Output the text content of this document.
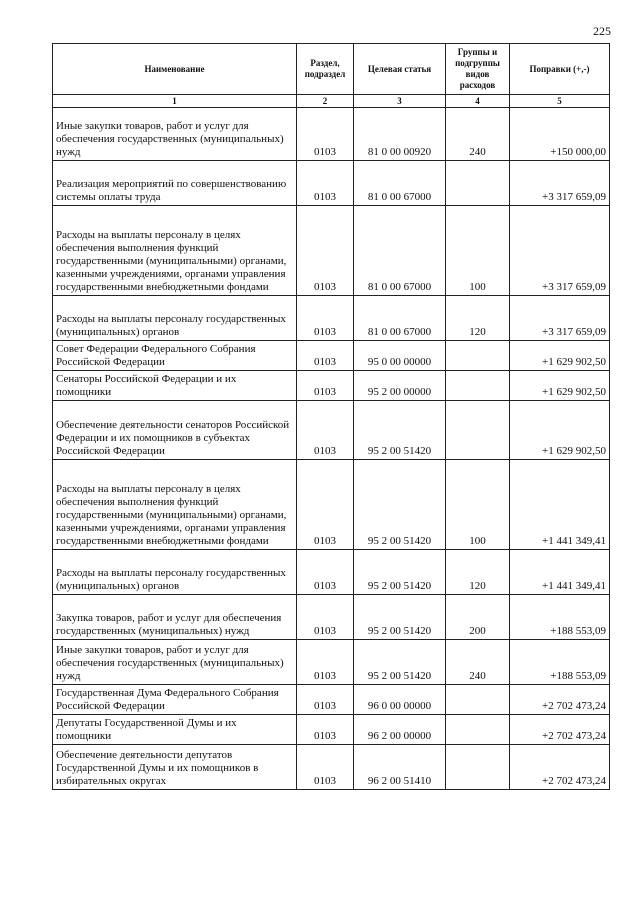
225
Наименование	Раздел, подраздел	Целевая статья	Группы и подгруппы видов расходов	Поправки (+,-)
1	2	3	4	5
Иные закупки товаров, работ и услуг для обеспечения государственных (муниципальных) нужд	0103	81 0 00 00920	240	+150 000,00
Реализация мероприятий по совершенствованию системы оплаты труда	0103	81 0 00 67000		+3 317 659,09
Расходы на выплаты персоналу в целях обеспечения выполнения функций государственными (муниципальными) органами, казенными учреждениями, органами управления государственными внебюджетными фондами	0103	81 0 00 67000	100	+3 317 659,09
Расходы на выплаты персоналу государственных (муниципальных) органов	0103	81 0 00 67000	120	+3 317 659,09
Совет Федерации Федерального Собрания Российской Федерации	0103	95 0 00 00000		+1 629 902,50
Сенаторы Российской Федерации и их помощники	0103	95 2 00 00000		+1 629 902,50
Обеспечение деятельности сенаторов Российской Федерации и их помощников в субъектах Российской Федерации	0103	95 2 00 51420		+1 629 902,50
Расходы на выплаты персоналу в целях обеспечения выполнения функций государственными (муниципальными) органами, казенными учреждениями, органами управления государственными внебюджетными фондами	0103	95 2 00 51420	100	+1 441 349,41
Расходы на выплаты персоналу государственных (муниципальных) органов	0103	95 2 00 51420	120	+1 441 349,41
Закупка товаров, работ и услуг для обеспечения государственных (муниципальных) нужд	0103	95 2 00 51420	200	+188 553,09
Иные закупки товаров, работ и услуг для обеспечения государственных (муниципальных) нужд	0103	95 2 00 51420	240	+188 553,09
Государственная Дума Федерального Собрания Российской Федерации	0103	96 0 00 00000		+2 702 473,24
Депутаты Государственной Думы и их помощники	0103	96 2 00 00000		+2 702 473,24
Обеспечение деятельности депутатов Государственной Думы и их помощников в избирательных округах	0103	96 2 00 51410		+2 702 473,24
